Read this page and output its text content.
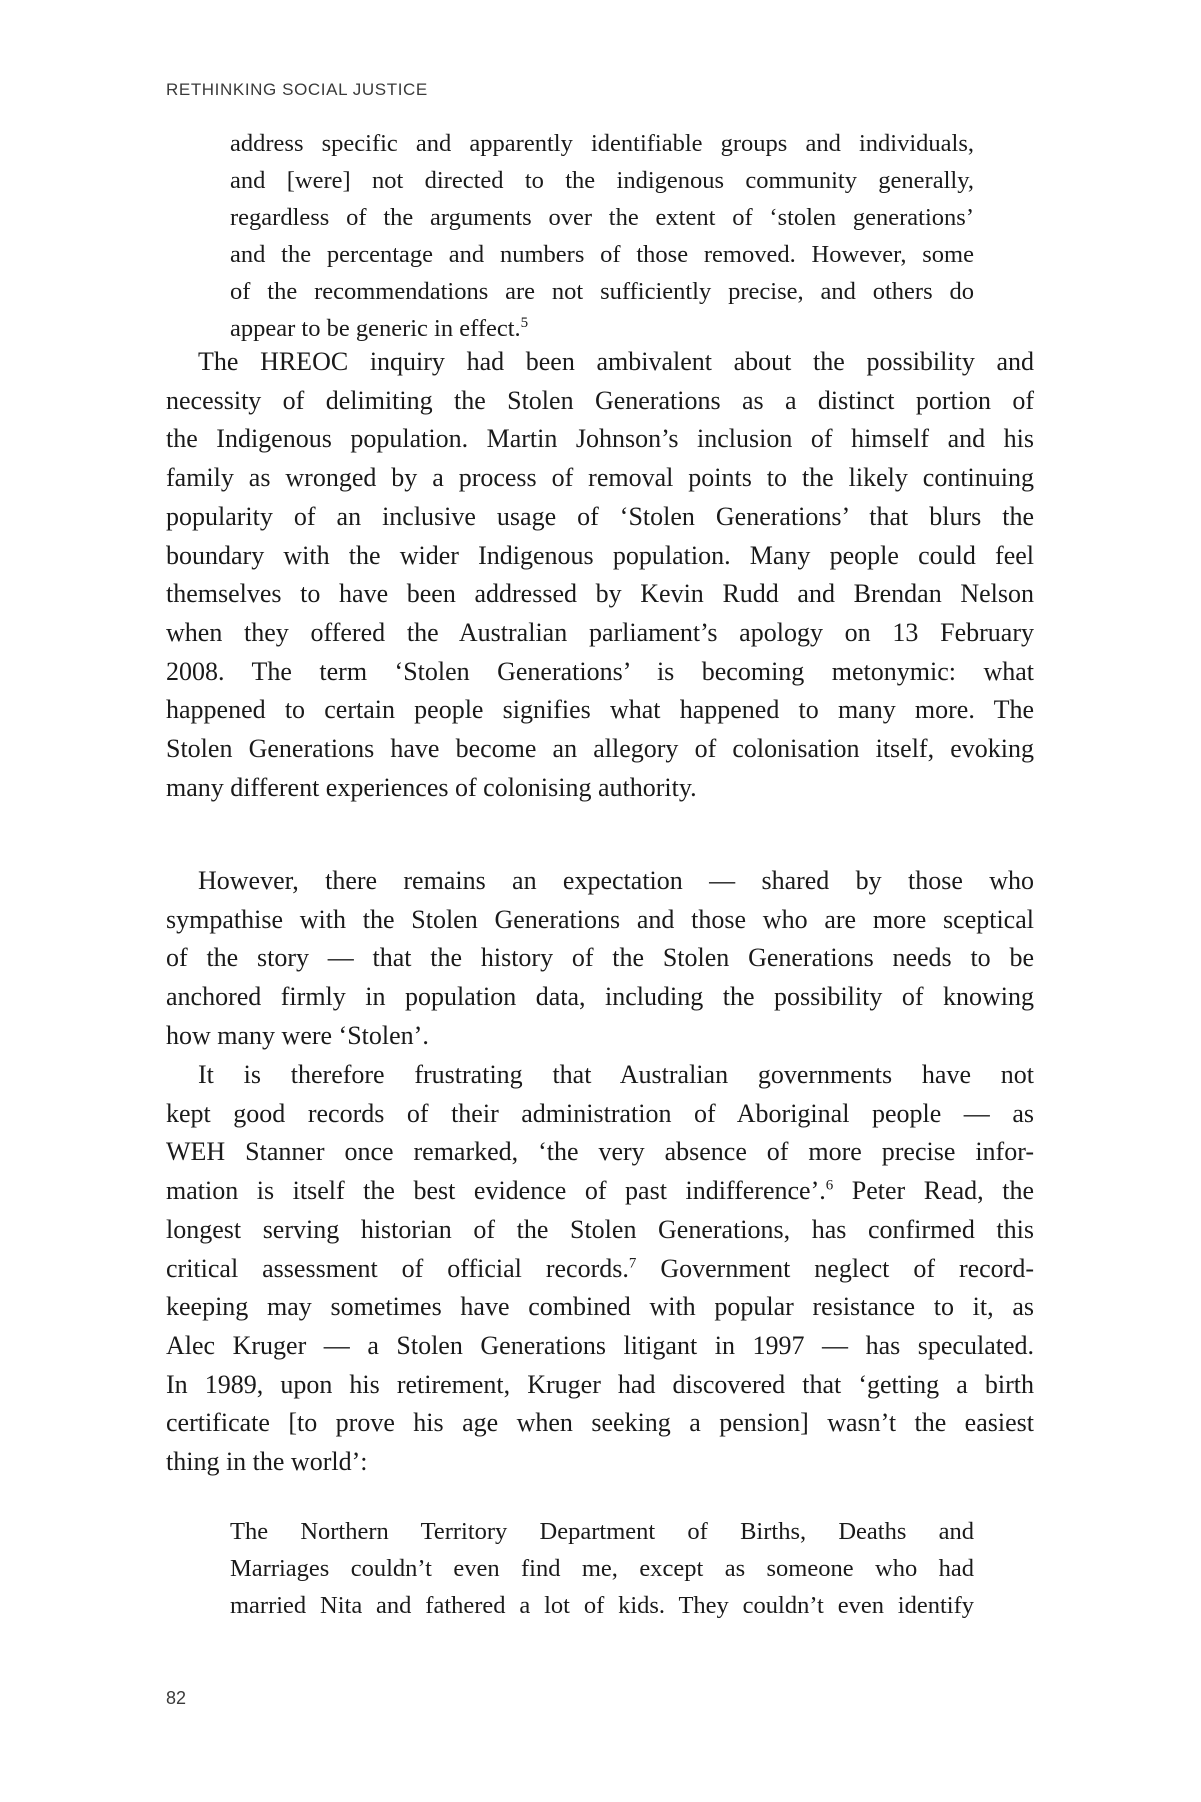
RETHINKING SOCIAL JUSTICE
address specific and apparently identifiable groups and individuals,
and [were] not directed to the indigenous community generally,
regardless of the arguments over the extent of ‘stolen generations’
and the percentage and numbers of those removed. However, some
of the recommendations are not sufficiently precise, and others do
appear to be generic in effect.$^5$
The HREOC inquiry had been ambivalent about the possibility and
necessity of delimiting the Stolen Generations as a distinct portion of
the Indigenous population. Martin Johnson’s inclusion of himself and his
family as wronged by a process of removal points to the likely continuing
popularity of an inclusive usage of ‘Stolen Generations’ that blurs the
boundary with the wider Indigenous population. Many people could feel
themselves to have been addressed by Kevin Rudd and Brendan Nelson
when they offered the Australian parliament’s apology on 13 February
2008. The term ‘Stolen Generations’ is becoming metonymic: what
happened to certain people signifies what happened to many more. The
Stolen Generations have become an allegory of colonisation itself, evoking
many different experiences of colonising authority.
However, there remains an expectation — shared by those who
sympathise with the Stolen Generations and those who are more sceptical
of the story — that the history of the Stolen Generations needs to be
anchored firmly in population data, including the possibility of knowing
how many were ‘Stolen’.
It is therefore frustrating that Australian governments have not
kept good records of their administration of Aboriginal people — as
WEH Stanner once remarked, ‘the very absence of more precise infor-
mation is itself the best evidence of past indifference’.$^6$ Peter Read, the
longest serving historian of the Stolen Generations, has confirmed this
critical assessment of official records.$^7$ Government neglect of record-
keeping may sometimes have combined with popular resistance to it, as
Alec Kruger — a Stolen Generations litigant in 1997 — has speculated.
In 1989, upon his retirement, Kruger had discovered that ‘getting a birth
certificate [to prove his age when seeking a pension] wasn’t the easiest
thing in the world’:
The Northern Territory Department of Births, Deaths and
Marriages couldn’t even find me, except as someone who had
married Nita and fathered a lot of kids. They couldn’t even identify
82
